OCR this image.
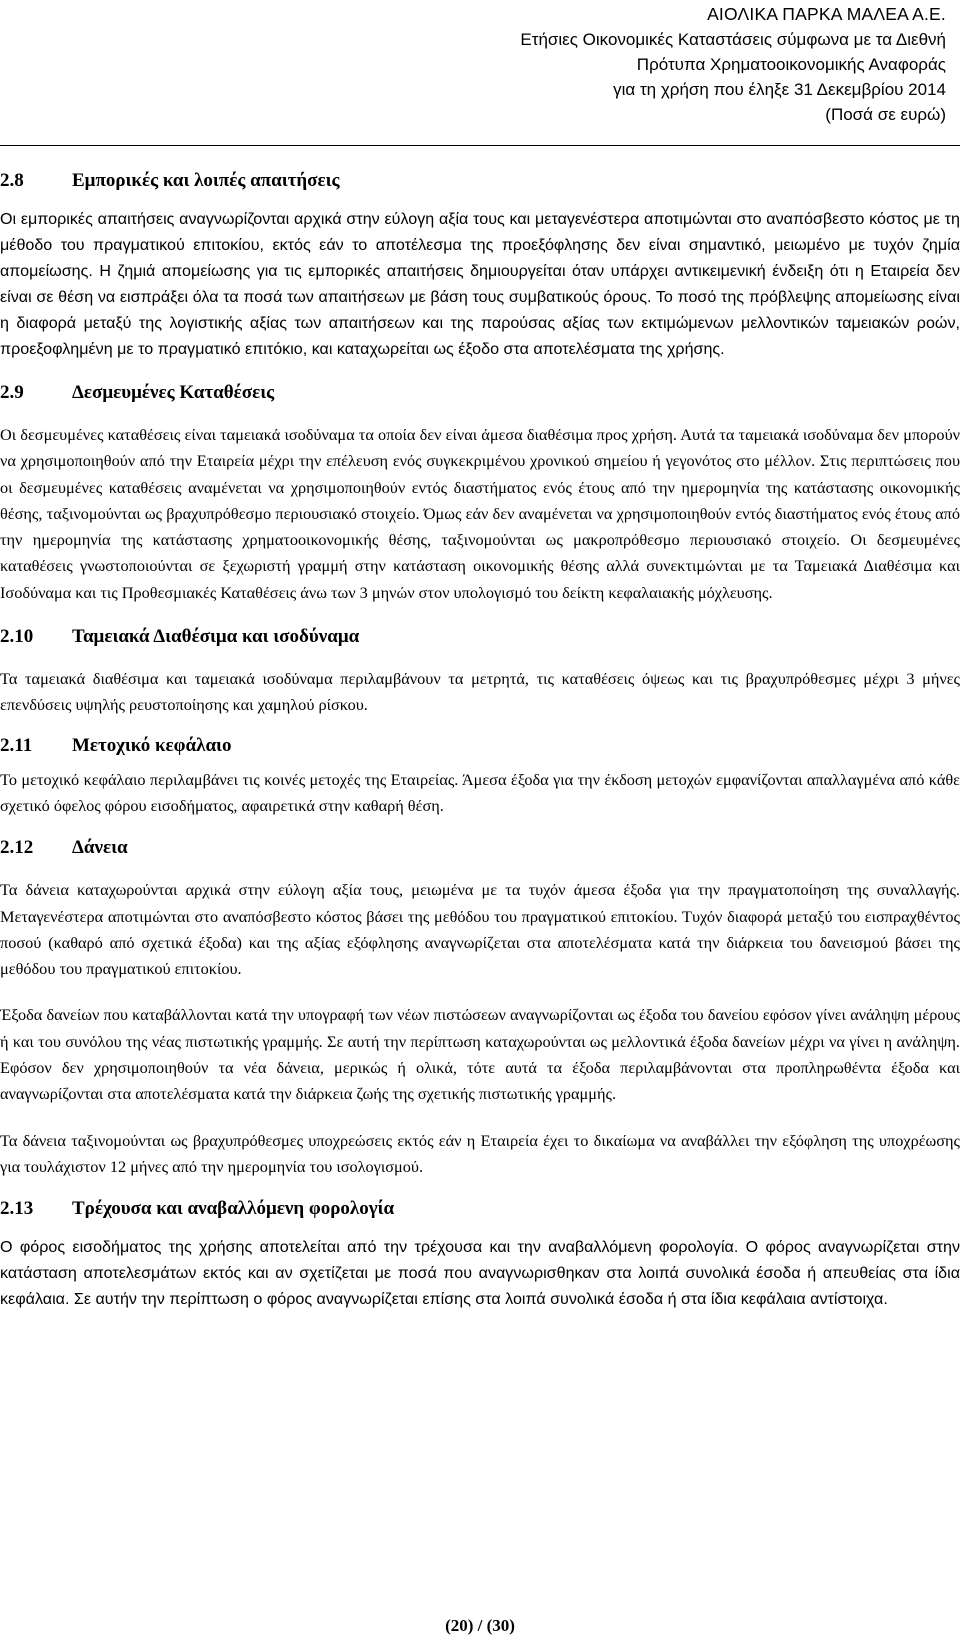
ΑΙΟΛΙΚΑ ΠΑΡΚΑ ΜΑΛΕΑ Α.Ε.
Ετήσιες Οικονομικές Καταστάσεις σύμφωνα με τα Διεθνή
Πρότυπα Χρηματοοικονομικής Αναφοράς
για τη χρήση που έληξε 31 Δεκεμβρίου 2014
(Ποσά σε ευρώ)
2.8	Εμπορικές και λοιπές απαιτήσεις

Οι εμπορικές απαιτήσεις αναγνωρίζονται αρχικά στην εύλογη αξία τους και μεταγενέστερα αποτιμώνται στο αναπόσβεστο κόστος με τη μέθοδο του πραγματικού επιτοκίου, εκτός εάν το αποτέλεσμα της προεξόφλησης δεν είναι σημαντικό, μειωμένο με τυχόν ζημία απομείωσης. Η ζημιά απομείωσης για τις εμπορικές απαιτήσεις δημιουργείται όταν υπάρχει αντικειμενική ένδειξη ότι η Εταιρεία δεν είναι σε θέση να εισπράξει όλα τα ποσά των απαιτήσεων με βάση τους συμβατικούς όρους. Το ποσό της πρόβλεψης απομείωσης είναι η διαφορά μεταξύ της λογιστικής αξίας των απαιτήσεων και της παρούσας αξίας των εκτιμώμενων μελλοντικών ταμειακών ροών, προεξοφλημένη με το πραγματικό επιτόκιο, και καταχωρείται ως έξοδο στα αποτελέσματα της χρήσης.

2.9	Δεσμευμένες Καταθέσεις

Οι δεσμευμένες καταθέσεις είναι ταμειακά ισοδύναμα τα οποία δεν είναι άμεσα διαθέσιμα προς χρήση. Αυτά τα ταμειακά ισοδύναμα δεν μπορούν να χρησιμοποιηθούν από την Εταιρεία μέχρι την επέλευση ενός συγκεκριμένου χρονικού σημείου ή γεγονότος στο μέλλον. Στις περιπτώσεις που οι δεσμευμένες καταθέσεις αναμένεται να χρησιμοποιηθούν εντός διαστήματος ενός έτους από την ημερομηνία της κατάστασης οικονομικής θέσης, ταξινομούνται ως βραχυπρόθεσμο περιουσιακό στοιχείο. Όμως εάν δεν αναμένεται να χρησιμοποιηθούν εντός διαστήματος ενός έτους από την ημερομηνία της κατάστασης χρηματοοικονομικής θέσης, ταξινομούνται ως μακροπρόθεσμο περιουσιακό στοιχείο. Οι δεσμευμένες καταθέσεις γνωστοποιούνται σε ξεχωριστή γραμμή στην κατάσταση οικονομικής θέσης αλλά συνεκτιμώνται με τα Ταμειακά Διαθέσιμα και Ισοδύναμα και τις Προθεσμιακές Καταθέσεις άνω των 3 μηνών στον υπολογισμό του δείκτη κεφαλαιακής μόχλευσης.

2.10 Ταμειακά Διαθέσιμα και ισοδύναμα

Τα ταμειακά διαθέσιμα και ταμειακά ισοδύναμα περιλαμβάνουν τα μετρητά, τις καταθέσεις όψεως και τις βραχυπρόθεσμες μέχρι 3 μήνες επενδύσεις υψηλής ρευστοποίησης και χαμηλού ρίσκου.

2.11 Μετοχικό κεφάλαιο

Το μετοχικό κεφάλαιο περιλαμβάνει τις κοινές μετοχές της Εταιρείας. Άμεσα έξοδα για την έκδοση μετοχών εμφανίζονται απαλλαγμένα από κάθε σχετικό όφελος φόρου εισοδήματος, αφαιρετικά στην καθαρή θέση.

2.12 Δάνεια

Τα δάνεια καταχωρούνται αρχικά στην εύλογη αξία τους, μειωμένα με τα τυχόν άμεσα έξοδα για την πραγματοποίηση της συναλλαγής. Μεταγενέστερα αποτιμώνται στο αναπόσβεστο κόστος βάσει της μεθόδου του πραγματικού επιτοκίου. Τυχόν διαφορά μεταξύ του εισπραχθέντος ποσού (καθαρό από σχετικά έξοδα) και της αξίας εξόφλησης αναγνωρίζεται στα αποτελέσματα κατά την διάρκεια του δανεισμού βάσει της μεθόδου του πραγματικού επιτοκίου.

Έξοδα δανείων που καταβάλλονται κατά την υπογραφή των νέων πιστώσεων αναγνωρίζονται ως έξοδα του δανείου εφόσον γίνει ανάληψη μέρους ή και του συνόλου της νέας πιστωτικής γραμμής. Σε αυτή την περίπτωση καταχωρούνται ως μελλοντικά έξοδα δανείων μέχρι να γίνει η ανάληψη. Εφόσον δεν χρησιμοποιηθούν τα νέα δάνεια, μερικώς ή ολικά, τότε αυτά τα έξοδα περιλαμβάνονται στα προπληρωθέντα έξοδα και αναγνωρίζονται στα αποτελέσματα κατά την διάρκεια ζωής της σχετικής πιστωτικής γραμμής.

Τα δάνεια ταξινομούνται ως βραχυπρόθεσμες υποχρεώσεις εκτός εάν η Εταιρεία έχει το δικαίωμα να αναβάλλει την εξόφληση της υποχρέωσης για τουλάχιστον 12 μήνες από την ημερομηνία του ισολογισμού.

2.13 Τρέχουσα και αναβαλλόμενη φορολογία

Ο φόρος εισοδήματος της χρήσης αποτελείται από την τρέχουσα και την αναβαλλόμενη φορολογία. Ο φόρος αναγνωρίζεται στην κατάσταση αποτελεσμάτων εκτός και αν σχετίζεται με ποσά που αναγνωρισθηκαν στα λοιπά συνολικά έσοδα ή απευθείας στα ίδια κεφάλαια. Σε αυτήν την περίπτωση ο φόρος αναγνωρίζεται επίσης στα λοιπά συνολικά έσοδα ή στα ίδια κεφάλαια αντίστοιχα.

(20) / (30)
